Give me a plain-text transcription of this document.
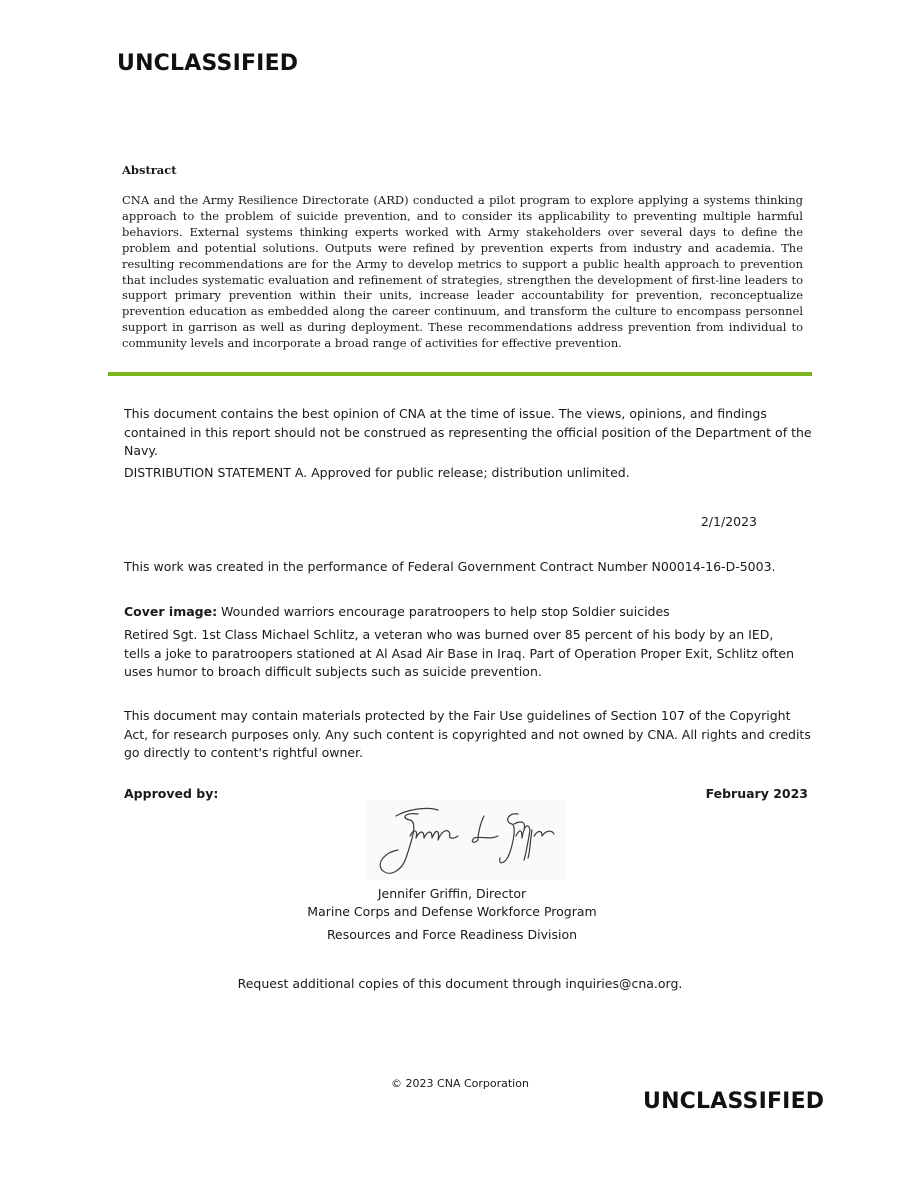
UNCLASSIFIED
Abstract

CNA and the Army Resilience Directorate (ARD) conducted a pilot program to explore applying a systems thinking approach to the problem of suicide prevention, and to consider its applicability to preventing multiple harmful behaviors. External systems thinking experts worked with Army stakeholders over several days to define the problem and potential solutions. Outputs were refined by prevention experts from industry and academia. The resulting recommendations are for the Army to develop metrics to support a public health approach to prevention that includes systematic evaluation and refinement of strategies, strengthen the development of first-line leaders to support primary prevention within their units, increase leader accountability for prevention, reconceptualize prevention education as embedded along the career continuum, and transform the culture to encompass personnel support in garrison as well as during deployment. These recommendations address prevention from individual to community levels and incorporate a broad range of activities for effective prevention.

This document contains the best opinion of CNA at the time of issue. The views, opinions, and findings contained in this report should not be construed as representing the official position of the Department of the Navy.

DISTRIBUTION STATEMENT A. Approved for public release; distribution unlimited.

2/1/2023

This work was created in the performance of Federal Government Contract Number N00014-16-D-5003.

Cover image: Wounded warriors encourage paratroopers to help stop Soldier suicides

Retired Sgt. 1st Class Michael Schlitz, a veteran who was burned over 85 percent of his body by an IED, tells a joke to paratroopers stationed at Al Asad Air Base in Iraq. Part of Operation Proper Exit, Schlitz often uses humor to broach difficult subjects such as suicide prevention.

This document may contain materials protected by the Fair Use guidelines of Section 107 of the Copyright Act, for research purposes only. Any such content is copyrighted and not owned by CNA. All rights and credits go directly to content's rightful owner.

Approved by:	February 2023

Jennifer Griffin, Director

Marine Corps and Defense Workforce Program

Resources and Force Readiness Division

Request additional copies of this document through inquiries@cna.org.

© 2023 CNA Corporation

UNCLASSIFIED
